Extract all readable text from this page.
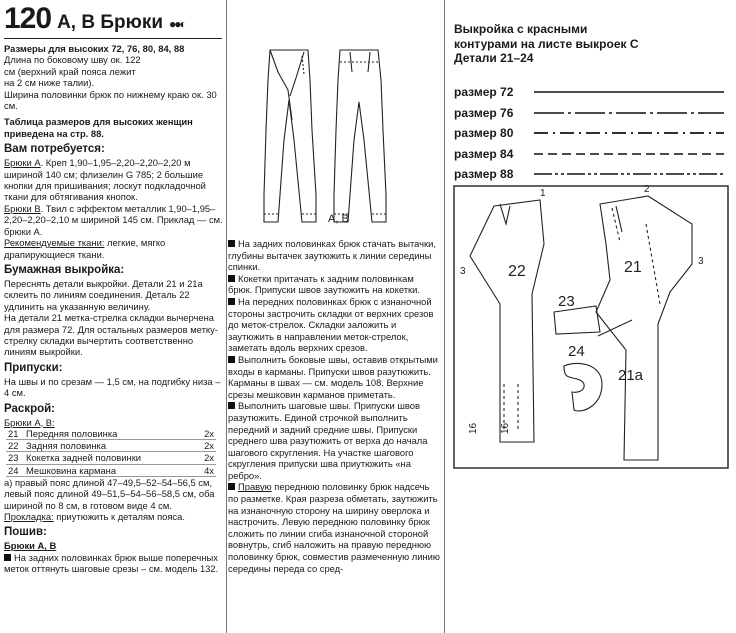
120 А, В Брюки ●●◐

Размеры для высоких 72, 76, 80, 84, 88

Длина по боковому шву ок. 122 см (верхний край пояса лежит на 2 см ниже талии).

Ширина половинки брюк по нижнему краю ок. 30 см.

Таблица размеров для высоких женщин приведена на стр. 88.

Вам потребуется:

Брюки А. Креп 1,90–1,95–2,20–2,20–2,20 м шириной 140 см; флизелин G 785; 2 большие кнопки для пришивания; лоскут подкладочной ткани для обтягивания кнопок.

Брюки В. Твил с эффектом металлик 1,90–1,95–2,20–2,20–2,10 м шириной 145 см. Приклад — см. брюки А.

Рекомендуемые ткани: легкие, мягко драпирующиеся ткани.

Бумажная выкройка:

Переснять детали выкройки. Детали 21 и 21а склеить по линиям соединения. Деталь 22 удлинить на указанную величину.

На детали 21 метка-стрелка складки вычерчена для размера 72. Для остальных размеров метку-стрелку складки вычертить соответственно линиям выкройки.

Припуски:

На швы и по срезам — 1,5 см, на подгибку низа – 4 см.

Раскрой:

Брюки А, В:

21	Передняя половинка	2x
22	Задняя половинка	2x
23	Кокетка задней половинки	2x
24	Мешковина кармана	4x

а) правый пояс длиной 47–49,5–52–54–56,5 см, левый пояс длиной 49–51,5–54–56–58,5 см, оба шириной по 8 см, в готовом виде 4 см.

Прокладка: приутюжить к деталям пояса.

Пошив:

Брюки А, В

На задних половинках брюк выше поперечных меток оттянуть шаговые срезы – см. модель 132.

А, В

На задних половинках брюк стачать вытачки, глубины вытачек заутюжить к линии середины спинки.

Кокетки притачать к задним половинкам брюк. Припуски швов заутюжить на кокетки.

На передних половинках брюк с изнаночной стороны застрочить складки от верхних срезов до меток-стрелок. Складки заложить и заутюжить в направлении меток-стрелок, заметать вдоль верхних срезов.

Выполнить боковые швы, оставив открытыми входы в карманы. Припуски швов разутюжить. Карманы в швах — см. модель 108. Верхние срезы мешковин карманов приметать.

Выполнить шаговые швы. Припуски швов разутюжить. Единой строчкой выполнить передний и задний средние швы. Припуски среднего шва разутюжить от верха до начала шагового скругления. На участке шагового скругления припуски шва приутюжить «на ребро».

Правую переднюю половинку брюк надсечь по разметке. Края разреза обметать, заутюжить на изнаночную сторону на ширину оверлока и настрочить. Левую переднюю половинку брюк сложить по линии сгиба изнаночной стороной вовнутрь, сгиб наложить на правую переднюю половинку брюк, совместив размеченную линию середины переда со сред-

Выкройка с красными

контурами на листе выкроек С

Детали 21–24

размер 72
размер 76
размер 80
размер 84
размер 88
1	2
3
3
22
23
24
21
21a
16 16
